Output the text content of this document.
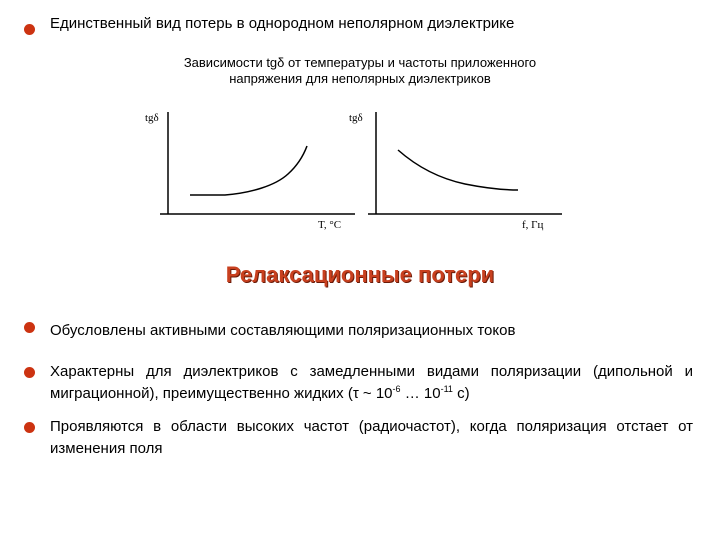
Единственный вид потерь в однородном неполярном диэлектрике
Зависимости tgδ от температуры и частоты приложенного
напряжения для неполярных диэлектриков
tgδ
T, °C
tgδ
f, Гц
Релаксационные потери
Обусловлены активными составляющими поляризационных токов
Характерны для диэлектриков с замедленными видами поляризации (дипольной и миграционной), преимущественно жидких (τ ~ $10^{-6}$ … $10^{-11}$ с)
Проявляются в области высоких частот (радиочастот), когда поляризация отстает от изменения поля
